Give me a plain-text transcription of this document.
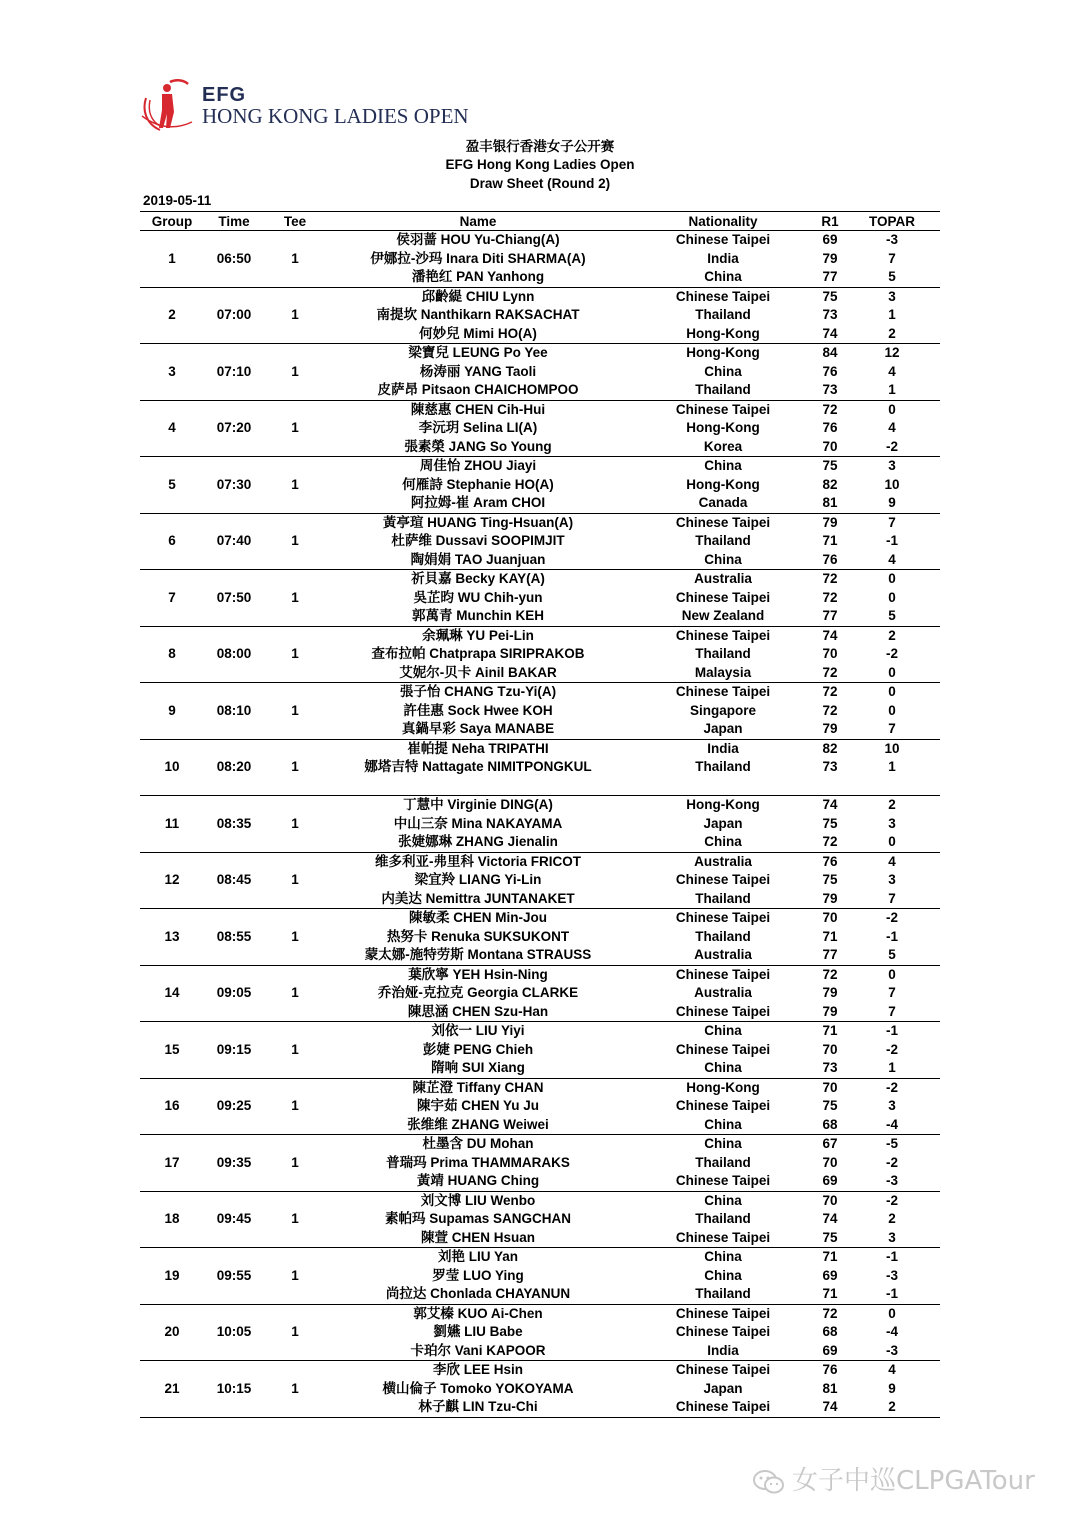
EFG
HONG KONG LADIES OPEN
盈丰银行香港女子公开赛
EFG Hong Kong Ladies Open
Draw Sheet (Round 2)
2019-05-11
Group	Time	Tee	Name	Nationality	R1	TOPAR
1	06:50	1	侯羽蔷 HOU Yu-Chiang(A)	Chinese Taipei	69	-3
			伊娜拉-沙玛 Inara Diti SHARMA(A)	India	79	7
			潘艳红 PAN Yanhong	China	77	5
2	07:00	1	邱齡緹 CHIU Lynn	Chinese Taipei	75	3
			南提坎 Nanthikarn RAKSACHAT	Thailand	73	1
			何妙兒 Mimi HO(A)	Hong-Kong	74	2
3	07:10	1	梁寶兒 LEUNG Po Yee	Hong-Kong	84	12
			杨涛丽 YANG Taoli	China	76	4
			皮萨昂 Pitsaon CHAICHOMPOO	Thailand	73	1
4	07:20	1	陳慈惠 CHEN Cih-Hui	Chinese Taipei	72	0
			李沅玥 Selina LI(A)	Hong-Kong	76	4
			張素榮 JANG So Young	Korea	70	-2
5	07:30	1	周佳怡 ZHOU Jiayi	China	75	3
			何雁詩 Stephanie HO(A)	Hong-Kong	82	10
			阿拉姆-崔 Aram CHOI	Canada	81	9
6	07:40	1	黃亭瑄 HUANG Ting-Hsuan(A)	Chinese Taipei	79	7
			杜萨维 Dussavi SOOPIMJIT	Thailand	71	-1
			陶娟娟 TAO Juanjuan	China	76	4
7	07:50	1	祈貝嘉 Becky KAY(A)	Australia	72	0
			吳芷昀 WU Chih-yun	Chinese Taipei	72	0
			郭萬青 Munchin KEH	New Zealand	77	5
8	08:00	1	余珮琳 YU Pei-Lin	Chinese Taipei	74	2
			查布拉帕 Chatprapa SIRIPRAKOB	Thailand	70	-2
			艾妮尔-贝卡 Ainil BAKAR	Malaysia	72	0
9	08:10	1	張子怡 CHANG Tzu-Yi(A)	Chinese Taipei	72	0
			許佳惠 Sock Hwee KOH	Singapore	72	0
			真鍋早彩 Saya MANABE	Japan	79	7
10	08:20	1	崔帕提 Neha TRIPATHI	India	82	10
			娜塔吉特 Nattagate NIMITPONGKUL	Thailand	73	1

11	08:35	1	丁慧中 Virginie DING(A)	Hong-Kong	74	2
			中山三奈 Mina NAKAYAMA	Japan	75	3
			张婕娜琳 ZHANG Jienalin	China	72	0
12	08:45	1	维多利亚-弗里科 Victoria FRICOT	Australia	76	4
			梁宜羚 LIANG Yi-Lin	Chinese Taipei	75	3
			内美达 Nemittra JUNTANAKET	Thailand	79	7
13	08:55	1	陳敏柔 CHEN Min-Jou	Chinese Taipei	70	-2
			热努卡 Renuka SUKSUKONT	Thailand	71	-1
			蒙太娜-施特劳斯 Montana STRAUSS	Australia	77	5
14	09:05	1	葉欣寧 YEH Hsin-Ning	Chinese Taipei	72	0
			乔治娅-克拉克 Georgia CLARKE	Australia	79	7
			陳思涵 CHEN Szu-Han	Chinese Taipei	79	7
15	09:15	1	刘依一 LIU Yiyi	China	71	-1
			彭婕 PENG Chieh	Chinese Taipei	70	-2
			隋响 SUI Xiang	China	73	1
16	09:25	1	陳芷澄 Tiffany CHAN	Hong-Kong	70	-2
			陳宇茹 CHEN Yu Ju	Chinese Taipei	75	3
			张维维 ZHANG Weiwei	China	68	-4
17	09:35	1	杜墨含 DU Mohan	China	67	-5
			普瑞玛 Prima THAMMARAKS	Thailand	70	-2
			黃靖 HUANG Ching	Chinese Taipei	69	-3
18	09:45	1	刘文博 LIU Wenbo	China	70	-2
			素帕玛 Supamas SANGCHAN	Thailand	74	2
			陳萱 CHEN Hsuan	Chinese Taipei	75	3
19	09:55	1	刘艳 LIU Yan	China	71	-1
			罗莹 LUO Ying	China	69	-3
			尚拉达 Chonlada CHAYANUN	Thailand	71	-1
20	10:05	1	郭艾榛 KUO Ai-Chen	Chinese Taipei	72	0
			劉嬿 LIU Babe	Chinese Taipei	68	-4
			卡珀尔 Vani KAPOOR	India	69	-3
21	10:15	1	李欣 LEE Hsin	Chinese Taipei	76	4
			横山倫子 Tomoko YOKOYAMA	Japan	81	9
			林子麒 LIN Tzu-Chi	Chinese Taipei	74	2
女子中巡CLPGATour
